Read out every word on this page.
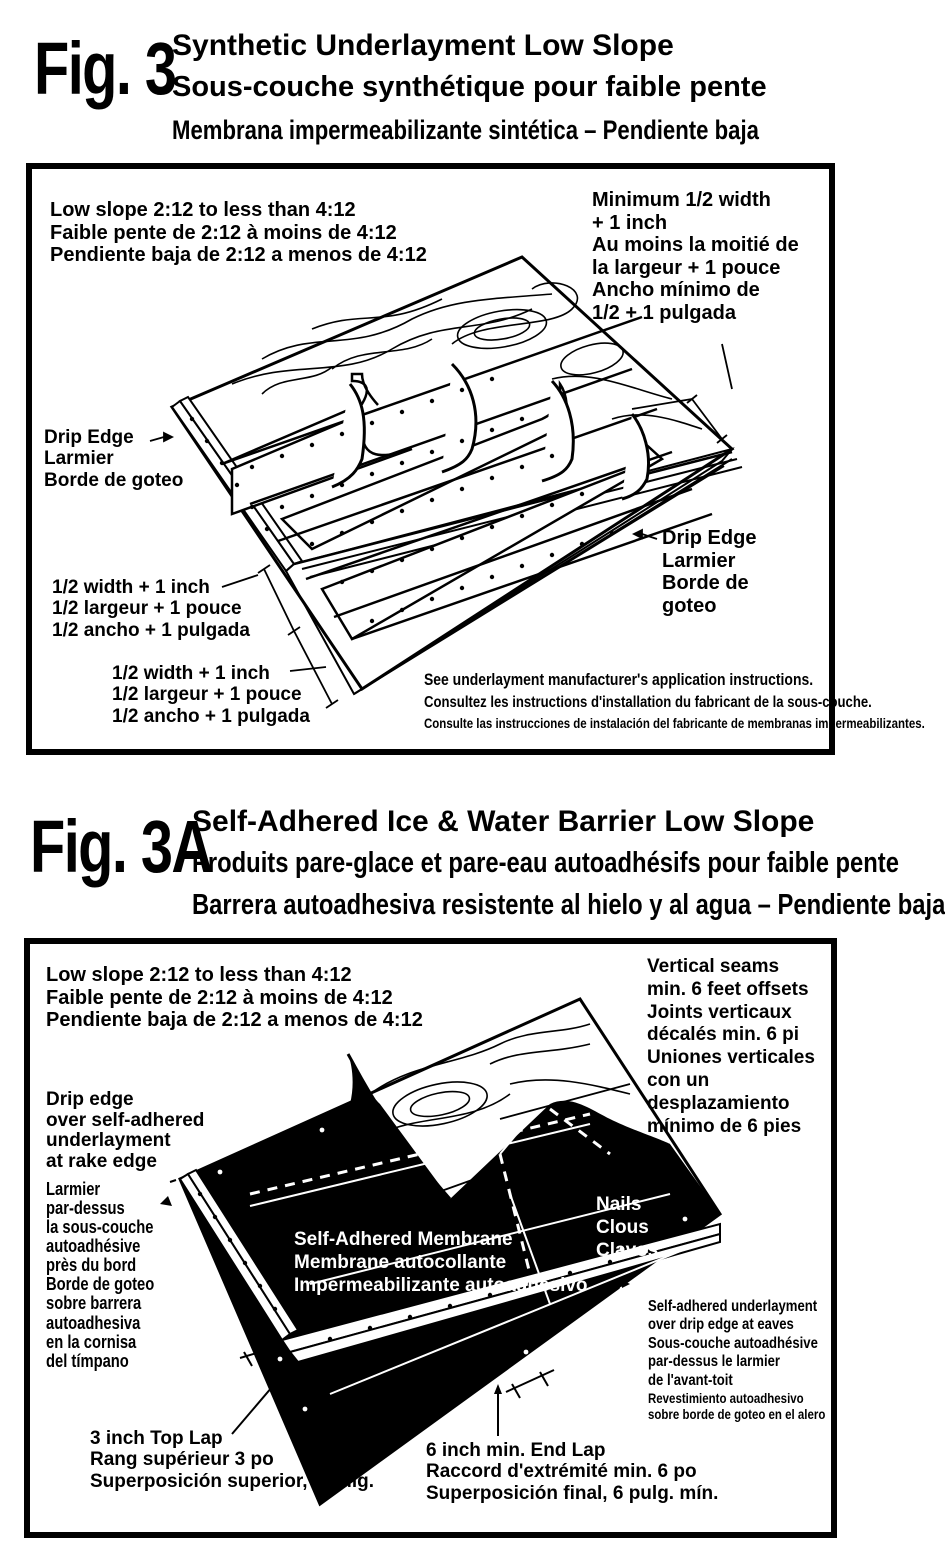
Fig. 3
Synthetic Underlayment Low Slope
Sous-couche synthétique pour faible pente
Membrana impermeabilizante sintética – Pendiente baja
Low slope 2:12 to less than 4:12
Faible pente de 2:12 à moins de 4:12
Pendiente baja de 2:12 a menos de 4:12
Minimum 1/2 width
+ 1 inch
Au moins la moitié de
la largeur + 1 pouce
Ancho mínimo de
1/2 + 1 pulgada
Drip Edge
Larmier
Borde de goteo
Drip Edge
Larmier
Borde de
goteo
1/2 width + 1 inch
1/2 largeur + 1 pouce
1/2 ancho + 1 pulgada
1/2 width + 1 inch
1/2 largeur + 1 pouce
1/2 ancho + 1 pulgada
See underlayment manufacturer's application instructions.
Consultez les instructions d'installation du fabricant de la sous-couche.
Consulte las instrucciones de instalación del fabricante de membranas impermeabilizantes.
Fig. 3A
Self-Adhered Ice & Water Barrier Low Slope
Produits pare-glace et pare-eau autoadhésifs pour faible pente
Barrera autoadhesiva resistente al hielo y al agua – Pendiente baja
Low slope 2:12 to less than 4:12
Faible pente de 2:12 à moins de 4:12
Pendiente baja de 2:12 a menos de 4:12
Vertical seams
min. 6 feet offsets
Joints verticaux
décalés min. 6 pi
Uniones verticales
con un
desplazamiento
mínimo de 6 pies
Drip edge
over self-adhered
underlayment
at rake edge
Larmier
par-dessus
la sous-couche
autoadhésive
près du bord
Borde de goteo
sobre barrera
autoadhesiva
en la cornisa
del tímpano
Self-Adhered Membrane
Membrane autocollante
Impermeabilizante autoadhesivo
Nails
Clous
Clavos
Self-adhered underlayment
over drip edge at eaves
Sous-couche autoadhésive
par-dessus le larmier
de l'avant-toit
Revestimiento autoadhesivo
sobre borde de goteo en el alero
3 inch Top Lap
Rang supérieur 3 po
Superposición superior, 3 pulg.
6 inch min. End Lap
Raccord d'extrémité min. 6 po
Superposición final, 6 pulg. mín.
